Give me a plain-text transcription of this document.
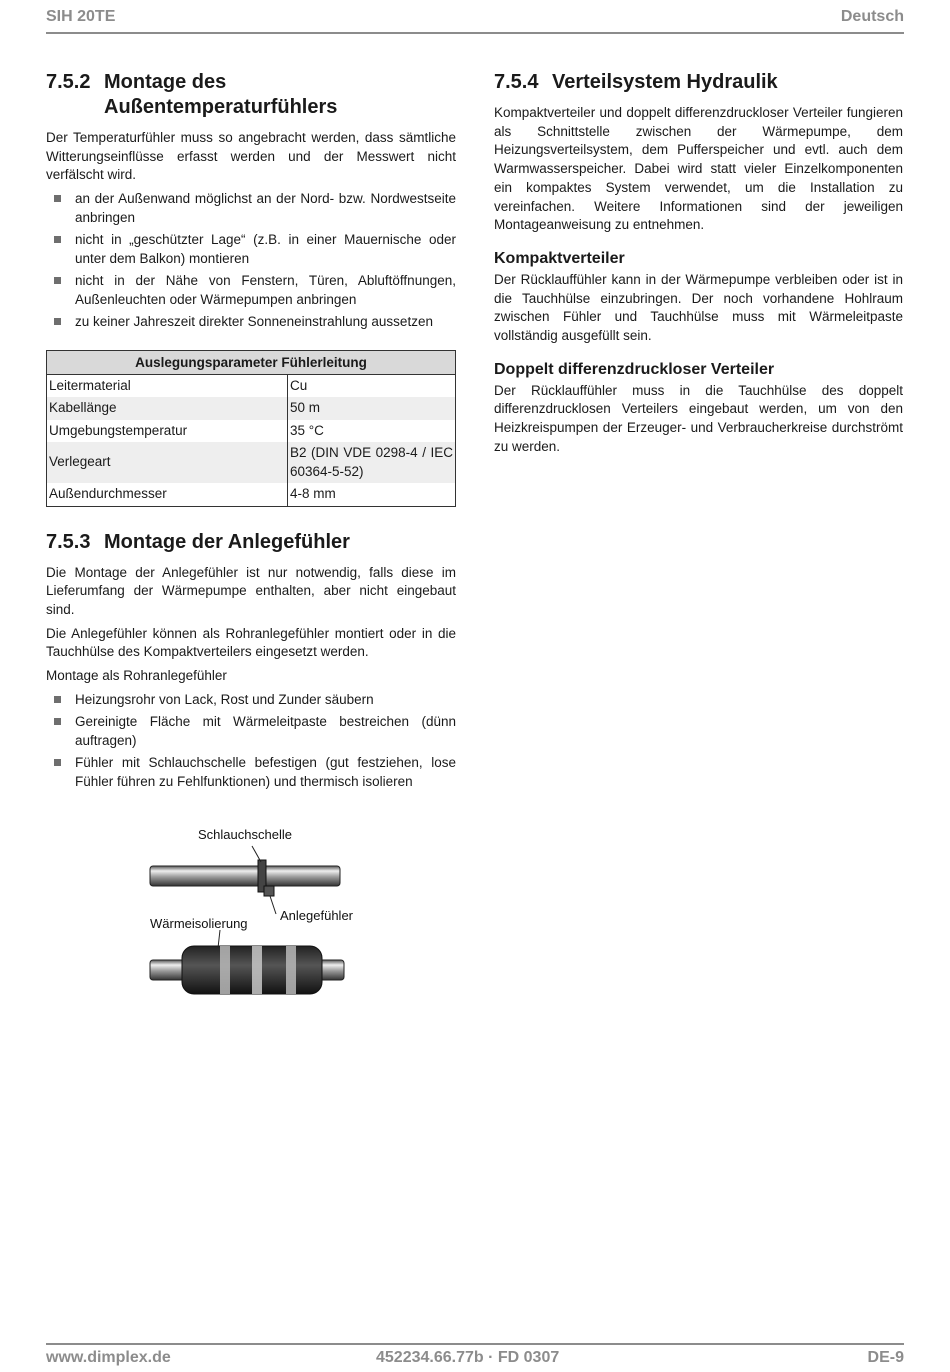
SIH 20TE	Deutsch
7.5.2 Montage des Außentemperaturfühlers

Der Temperaturfühler muss so angebracht werden, dass sämtliche Witterungseinflüsse erfasst werden und der Messwert nicht verfälscht wird.

an der Außenwand möglichst an der Nord- bzw. Nordwestseite anbringen
nicht in „geschützter Lage“ (z.B. in einer Mauernische oder unter dem Balkon) montieren
nicht in der Nähe von Fenstern, Türen, Abluftöffnungen, Außenleuchten oder Wärmepumpen anbringen
zu keiner Jahreszeit direkter Sonneneinstrahlung aussetzen
Auslegungsparameter Fühlerleitung	
Leitermaterial	Cu
Kabellänge	50 m
Umgebungstemperatur	35 °C
Verlegeart	B2 (DIN VDE 0298-4 / IEC 60364-5-52)
Außendurchmesser	4-8 mm
7.5.3 Montage der Anlegefühler

Die Montage der Anlegefühler ist nur notwendig, falls diese im Lieferumfang der Wärmepumpe enthalten, aber nicht eingebaut sind.

Die Anlegefühler können als Rohranlegefühler montiert oder in die Tauchhülse des Kompaktverteilers eingesetzt werden.

Montage als Rohranlegefühler

Heizungsrohr von Lack, Rost und Zunder säubern
Gereinigte Fläche mit Wärmeleitpaste bestreichen (dünn auftragen)
Fühler mit Schlauchschelle befestigen (gut festziehen, lose Fühler führen zu Fehlfunktionen) und thermisch isolieren
Schlauchschelle
Anlegefühler
Wärmeisolierung
7.5.4 Verteilsystem Hydraulik

Kompaktverteiler und doppelt differenzdruckloser Verteiler fungieren als Schnittstelle zwischen der Wärmepumpe, dem Heizungsverteilsystem, dem Pufferspeicher und evtl. auch dem Warmwasserspeicher. Dabei wird statt vieler Einzelkomponenten ein kompaktes System verwendet, um die Installation zu vereinfachen. Weitere Informationen sind der jeweiligen Montageanweisung zu entnehmen.

Kompaktverteiler

Der Rücklauffühler kann in der Wärmepumpe verbleiben oder ist in die Tauchhülse einzubringen. Der noch vorhandene Hohlraum zwischen Fühler und Tauchhülse muss mit Wärmeleitpaste vollständig ausgefüllt sein.

Doppelt differenzdruckloser Verteiler

Der Rücklauffühler muss in die Tauchhülse des doppelt differenzdrucklosen Verteilers eingebaut werden, um von den Heizkreispumpen der Erzeuger- und Verbraucherkreise durchströmt zu werden.

www.dimplex.de	452234.66.77b · FD 0307	DE-9
